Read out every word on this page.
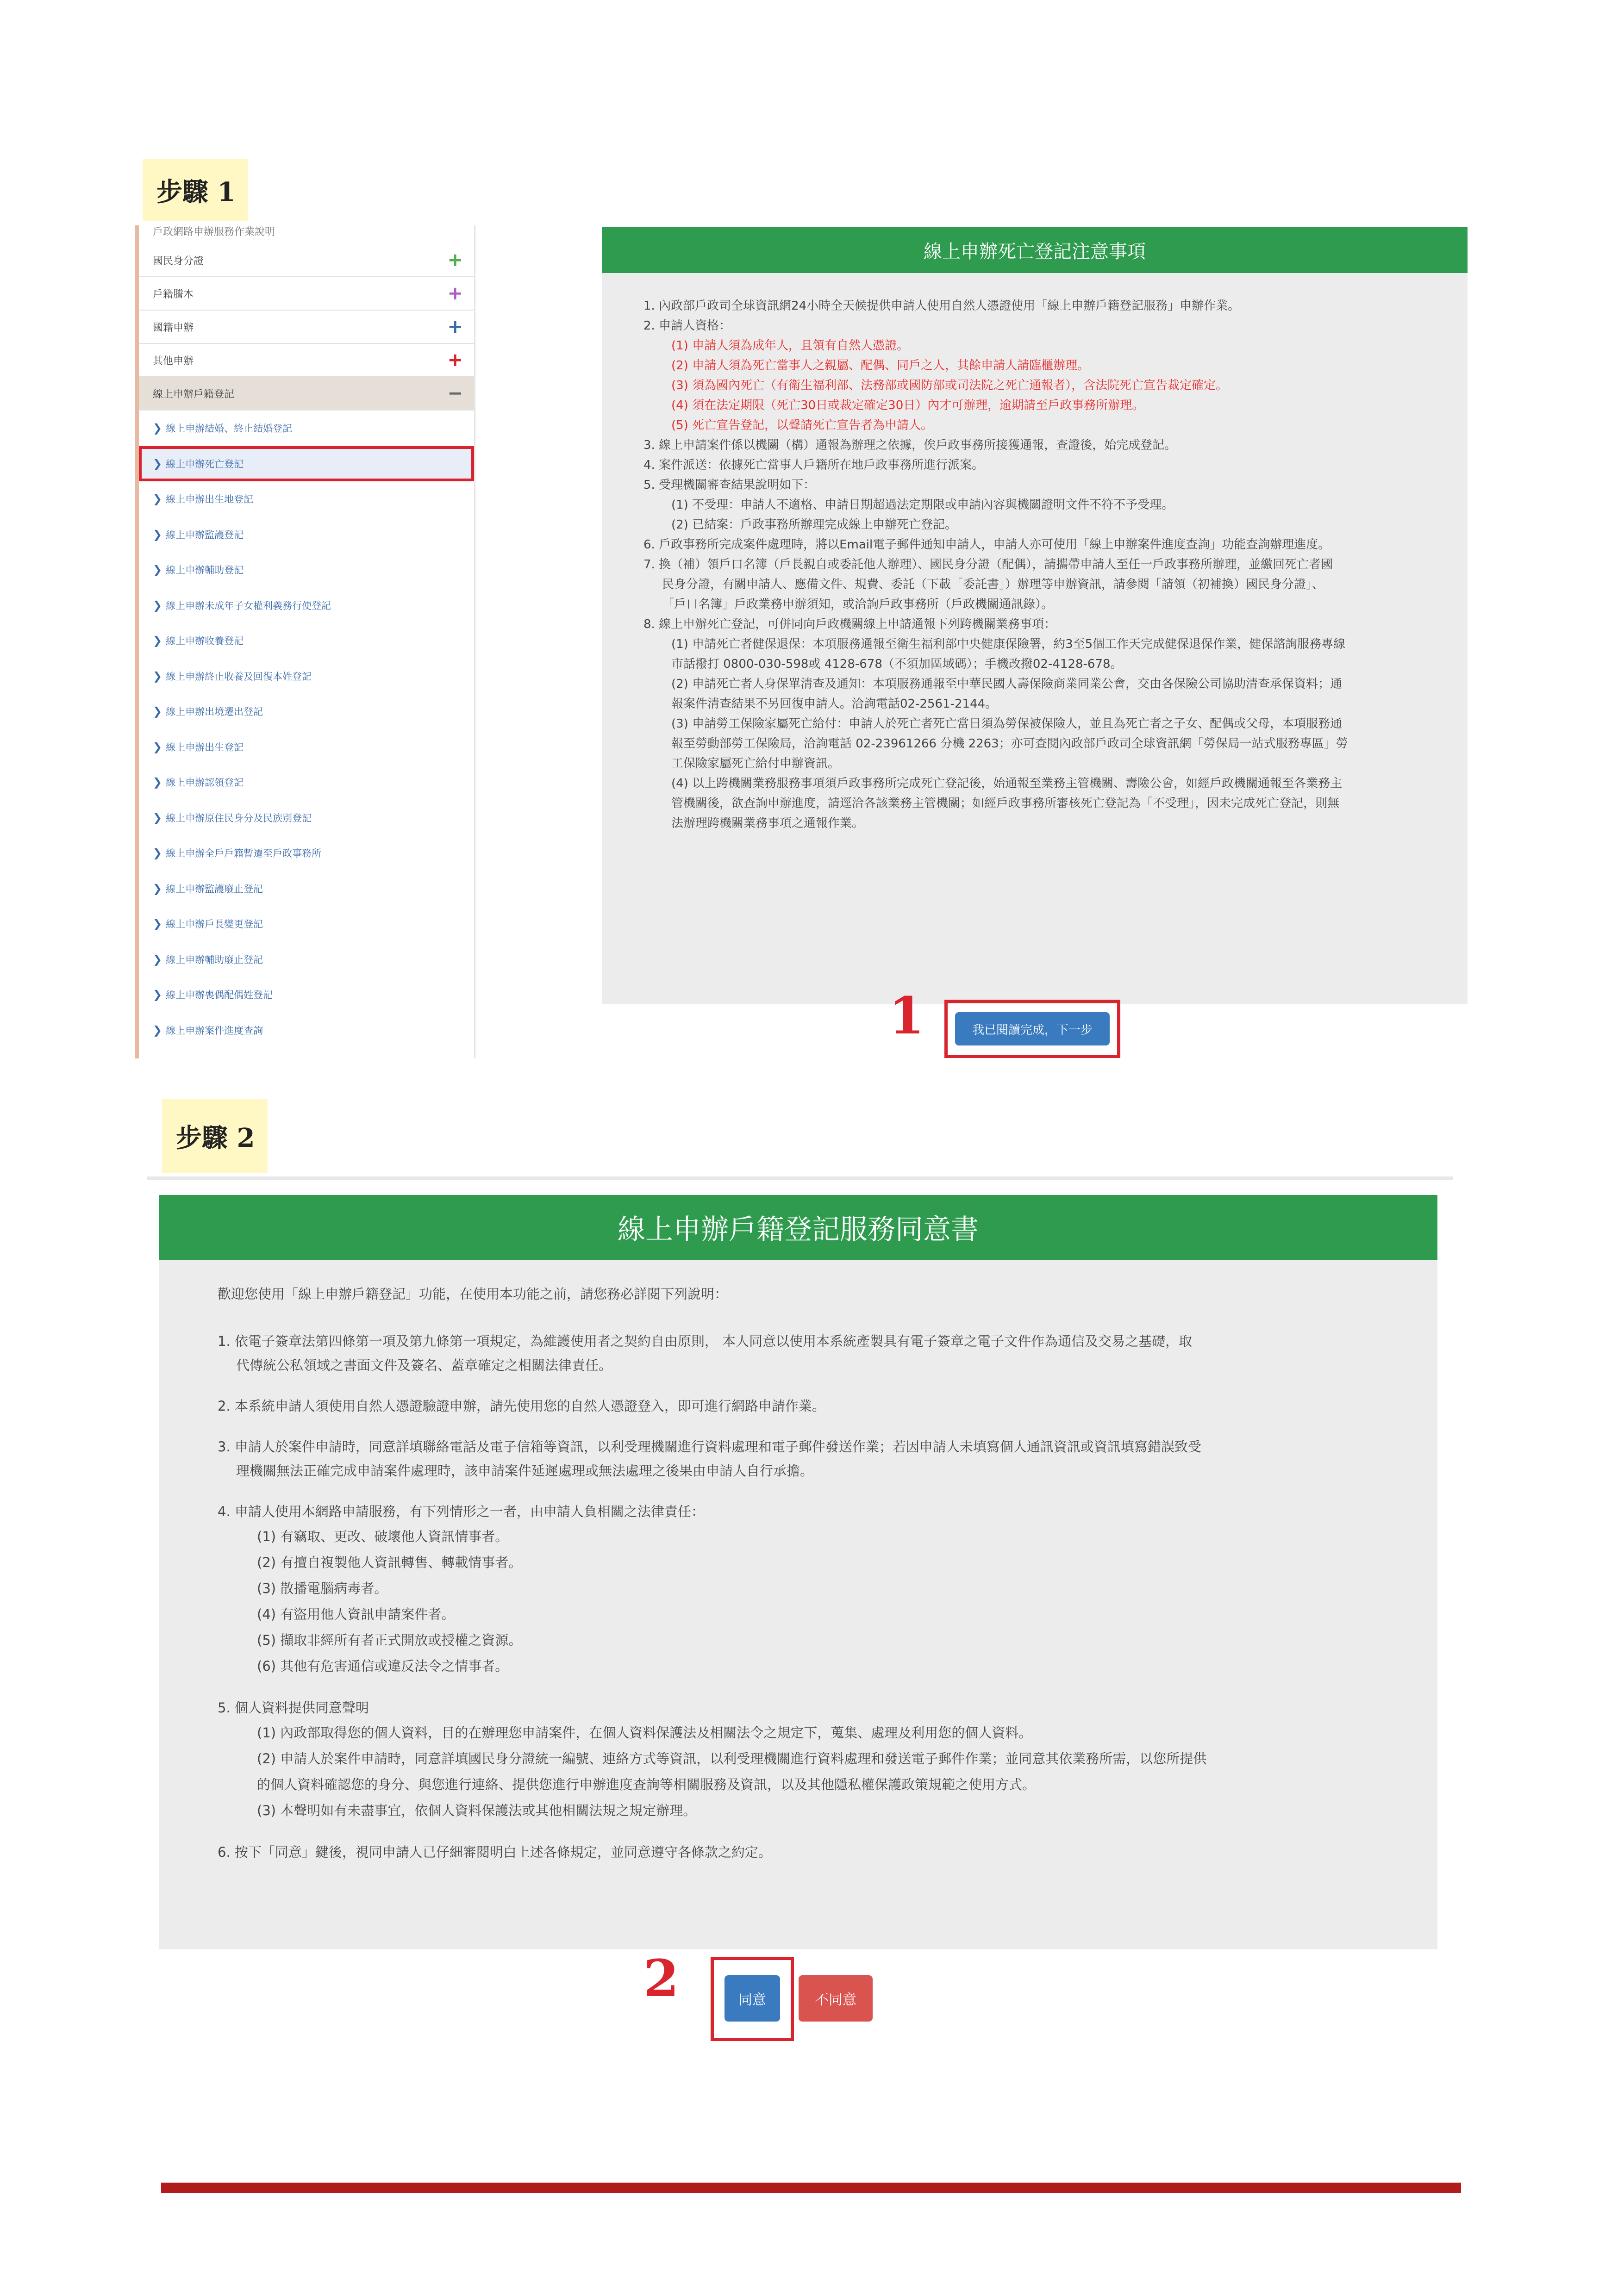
步驟 1
戶政網路申辦服務作業說明
國民身分證	+
戶籍謄本	+
國籍申辦	+
其他申辦	+
線上申辦戶籍登記	−
❯ 線上申辦結婚、終止結婚登記
❯ 線上申辦死亡登記
❯ 線上申辦出生地登記
❯ 線上申辦監護登記
❯ 線上申辦輔助登記
❯ 線上申辦未成年子女權利義務行使登記
❯ 線上申辦收養登記
❯ 線上申辦終止收養及回復本姓登記
❯ 線上申辦出境遷出登記
❯ 線上申辦出生登記
❯ 線上申辦認領登記
❯ 線上申辦原住民身分及民族別登記
❯ 線上申辦全戶戶籍暫遷至戶政事務所
❯ 線上申辦監護廢止登記
❯ 線上申辦戶長變更登記
❯ 線上申辦輔助廢止登記
❯ 線上申辦喪偶配偶姓登記
❯ 線上申辦案件進度查詢
線上申辦死亡登記注意事項
1. 內政部戶政司全球資訊網24小時全天候提供申請人使用自然人憑證使用「線上申辦戶籍登記服務」申辦作業。
2. 申請人資格：
(1) 申請人須為成年人，且領有自然人憑證。
(2) 申請人須為死亡當事人之親屬、配偶、同戶之人，其餘申請人請臨櫃辦理。
(3) 須為國內死亡（有衛生福利部、法務部或國防部或司法院之死亡通報者），含法院死亡宣告裁定確定。
(4) 須在法定期限（死亡30日或裁定確定30日）內才可辦理，逾期請至戶政事務所辦理。
(5) 死亡宣告登記，以聲請死亡宣告者為申請人。
3. 線上申請案件係以機關（構）通報為辦理之依據，俟戶政事務所接獲通報，查證後，始完成登記。
4. 案件派送：依據死亡當事人戶籍所在地戶政事務所進行派案。
5. 受理機關審查結果說明如下：
(1) 不受理：申請人不適格、申請日期超過法定期限或申請內容與機關證明文件不符不予受理。
(2) 已結案：戶政事務所辦理完成線上申辦死亡登記。
6. 戶政事務所完成案件處理時，將以Email電子郵件通知申請人，申請人亦可使用「線上申辦案件進度查詢」功能查詢辦理進度。
7. 換（補）領戶口名簿（戶長親自或委託他人辦理）、國民身分證（配偶），請攜帶申請人至任一戶政事務所辦理，並繳回死亡者國
民身分證，有關申請人、應備文件、規費、委託（下載「委託書」）辦理等申辦資訊，請參閱「請領（初補換）國民身分證」、
「戶口名簿」戶政業務申辦須知，或洽詢戶政事務所（戶政機關通訊錄）。
8. 線上申辦死亡登記，可併同向戶政機關線上申請通報下列跨機關業務事項：
(1) 申請死亡者健保退保：本項服務通報至衛生福利部中央健康保險署，約3至5個工作天完成健保退保作業，健保諮詢服務專線
市話撥打 0800-030-598或 4128-678（不須加區域碼）；手機改撥02-4128-678。
(2) 申請死亡者人身保單清查及通知：本項服務通報至中華民國人壽保險商業同業公會，交由各保險公司協助清查承保資料；通
報案件清查結果不另回復申請人。洽詢電話02-2561-2144。
(3) 申請勞工保險家屬死亡給付：申請人於死亡者死亡當日須為勞保被保險人，並且為死亡者之子女、配偶或父母，本項服務通
報至勞動部勞工保險局，洽詢電話 02-23961266 分機 2263；亦可查閱內政部戶政司全球資訊網「勞保局一站式服務專區」勞
工保險家屬死亡給付申辦資訊。
(4) 以上跨機關業務服務事項須戶政事務所完成死亡登記後，始通報至業務主管機關、壽險公會，如經戶政機關通報至各業務主
管機關後，欲查詢申辦進度，請逕洽各該業務主管機關；如經戶政事務所審核死亡登記為「不受理」，因未完成死亡登記，則無
法辦理跨機關業務事項之通報作業。
1	我已閱讀完成，下一步
步驟 2
線上申辦戶籍登記服務同意書
歡迎您使用「線上申辦戶籍登記」功能，在使用本功能之前，請您務必詳閱下列說明：
1. 依電子簽章法第四條第一項及第九條第一項規定，為維護使用者之契約自由原則， 本人同意以使用本系統產製具有電子簽章之電子文件作為通信及交易之基礎，取
代傳統公私領域之書面文件及簽名、蓋章確定之相關法律責任。
2. 本系統申請人須使用自然人憑證驗證申辦，請先使用您的自然人憑證登入，即可進行網路申請作業。
3. 申請人於案件申請時，同意詳填聯絡電話及電子信箱等資訊，以利受理機關進行資料處理和電子郵件發送作業；若因申請人未填寫個人通訊資訊或資訊填寫錯誤致受
理機關無法正確完成申請案件處理時，該申請案件延遲處理或無法處理之後果由申請人自行承擔。
4. 申請人使用本網路申請服務，有下列情形之一者，由申請人負相關之法律責任：
(1) 有竊取、更改、破壞他人資訊情事者。
(2) 有擅自複製他人資訊轉售、轉載情事者。
(3) 散播電腦病毒者。
(4) 有盜用他人資訊申請案件者。
(5) 擷取非經所有者正式開放或授權之資源。
(6) 其他有危害通信或違反法令之情事者。
5. 個人資料提供同意聲明
(1) 內政部取得您的個人資料，目的在辦理您申請案件，在個人資料保護法及相關法令之規定下，蒐集、處理及利用您的個人資料。
(2) 申請人於案件申請時，同意詳填國民身分證統一編號、連絡方式等資訊，以利受理機關進行資料處理和發送電子郵件作業；並同意其依業務所需，以您所提供
的個人資料確認您的身分、與您進行連絡、提供您進行申辦進度查詢等相關服務及資訊，以及其他隱私權保護政策規範之使用方式。
(3) 本聲明如有未盡事宜，依個人資料保護法或其他相關法規之規定辦理。
6. 按下「同意」鍵後，視同申請人已仔細審閱明白上述各條規定，並同意遵守各條款之約定。
2	同意	不同意
